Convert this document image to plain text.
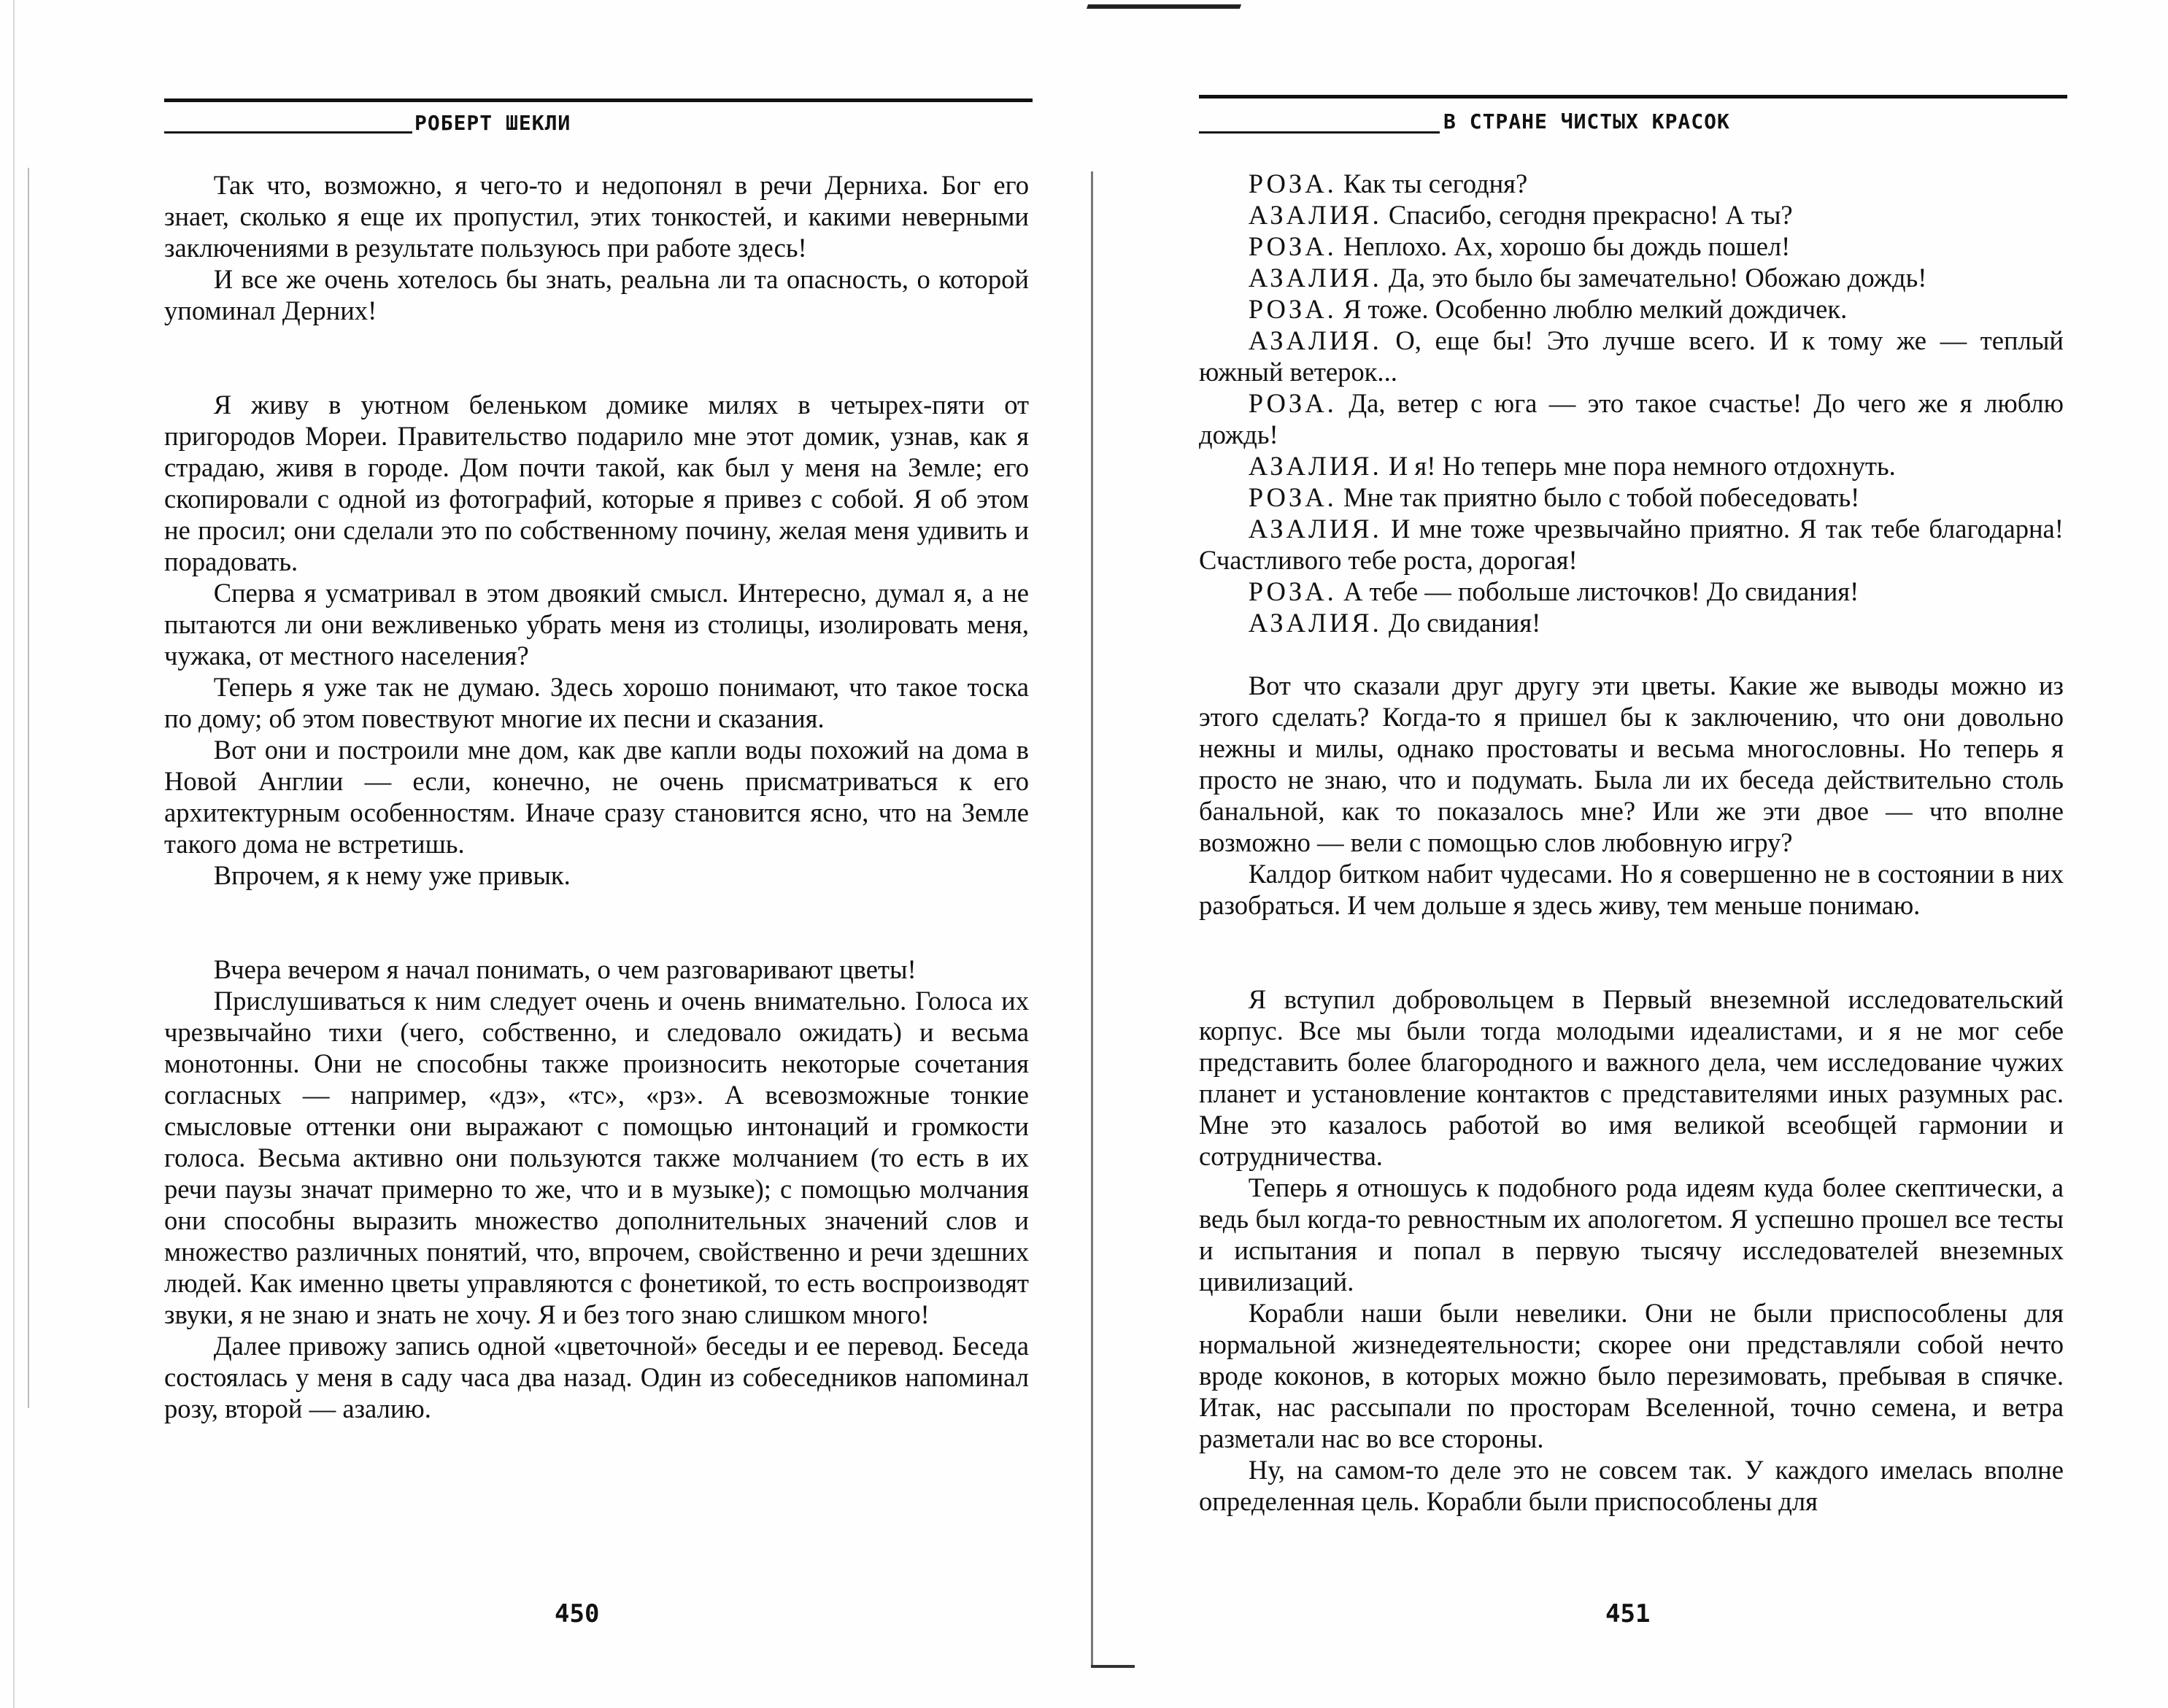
РОБЕРТ ШЕКЛИ

Так что, возможно, я чего-то и недопонял в речи Дерниха. Бог его знает, сколько я еще их пропустил, этих тонкостей, и какими неверными заключениями в результате пользуюсь при работе здесь!

И все же очень хотелось бы знать, реальна ли та опасность, о которой упоминал Дерних!

Я живу в уютном беленьком домике милях в четырех-пяти от пригородов Мореи. Правительство подарило мне этот домик, узнав, как я страдаю, живя в городе. Дом почти такой, как был у меня на Земле; его скопировали с одной из фотографий, которые я привез с собой. Я об этом не просил; они сделали это по собственному почину, желая меня удивить и порадовать.

Сперва я усматривал в этом двоякий смысл. Интересно, думал я, а не пытаются ли они вежливенько убрать меня из столицы, изолировать меня, чужака, от местного населения?

Теперь я уже так не думаю. Здесь хорошо понимают, что такое тоска по дому; об этом повествуют многие их песни и сказания.

Вот они и построили мне дом, как две капли воды похожий на дома в Новой Англии — если, конечно, не очень присматриваться к его архитектурным особенностям. Иначе сразу становится ясно, что на Земле такого дома не встретишь.

Впрочем, я к нему уже привык.

Вчера вечером я начал понимать, о чем разговаривают цветы!

Прислушиваться к ним следует очень и очень внимательно. Голоса их чрезвычайно тихи (чего, собственно, и следовало ожидать) и весьма монотонны. Они не способны также произносить некоторые сочетания согласных — например, «дз», «тс», «рз». А всевозможные тонкие смысловые оттенки они выражают с помощью интонаций и громкости голоса. Весьма активно они пользуются также молчанием (то есть в их речи паузы значат примерно то же, что и в музыке); с помощью молчания они способны выразить множество дополнительных значений слов и множество различных понятий, что, впрочем, свойственно и речи здешних людей. Как именно цветы управляются с фонетикой, то есть воспроизводят звуки, я не знаю и знать не хочу. Я и без того знаю слишком много!

Далее привожу запись одной «цветочной» беседы и ее перевод. Беседа состоялась у меня в саду часа два назад. Один из собеседников напоминал розу, второй — азалию.

450
В СТРАНЕ ЧИСТЫХ КРАСОК

РОЗА. Как ты сегодня?

АЗАЛИЯ. Спасибо, сегодня прекрасно! А ты?

РОЗА. Неплохо. Ах, хорошо бы дождь пошел!

АЗАЛИЯ. Да, это было бы замечательно! Обожаю дождь!

РОЗА. Я тоже. Особенно люблю мелкий дождичек.

АЗАЛИЯ. О, еще бы! Это лучше всего. И к тому же — теплый южный ветерок...

РОЗА. Да, ветер с юга — это такое счастье! До чего же я люблю дождь!

АЗАЛИЯ. И я! Но теперь мне пора немного отдохнуть.

РОЗА. Мне так приятно было с тобой побеседовать!

АЗАЛИЯ. И мне тоже чрезвычайно приятно. Я так тебе благодарна! Счастливого тебе роста, дорогая!

РОЗА. А тебе — побольше листочков! До свидания!

АЗАЛИЯ. До свидания!

Вот что сказали друг другу эти цветы. Какие же выводы можно из этого сделать? Когда-то я пришел бы к заключению, что они довольно нежны и милы, однако простоваты и весьма многословны. Но теперь я просто не знаю, что и подумать. Была ли их беседа действительно столь банальной, как то показалось мне? Или же эти двое — что вполне возможно — вели с помощью слов любовную игру?

Калдор битком набит чудесами. Но я совершенно не в состоянии в них разобраться. И чем дольше я здесь живу, тем меньше понимаю.

Я вступил добровольцем в Первый внеземной исследовательский корпус. Все мы были тогда молодыми идеалистами, и я не мог себе представить более благородного и важного дела, чем исследование чужих планет и установление контактов с представителями иных разумных рас. Мне это казалось работой во имя великой всеобщей гармонии и сотрудничества.

Теперь я отношусь к подобного рода идеям куда более скептически, а ведь был когда-то ревностным их апологетом. Я успешно прошел все тесты и испытания и попал в первую тысячу исследователей внеземных цивилизаций.

Корабли наши были невелики. Они не были приспособлены для нормальной жизнедеятельности; скорее они представляли собой нечто вроде коконов, в которых можно было перезимовать, пребывая в спячке. Итак, нас рассыпали по просторам Вселенной, точно семена, и ветра разметали нас во все стороны.

Ну, на самом-то деле это не совсем так. У каждого имелась вполне определенная цель. Корабли были приспособлены для

451
